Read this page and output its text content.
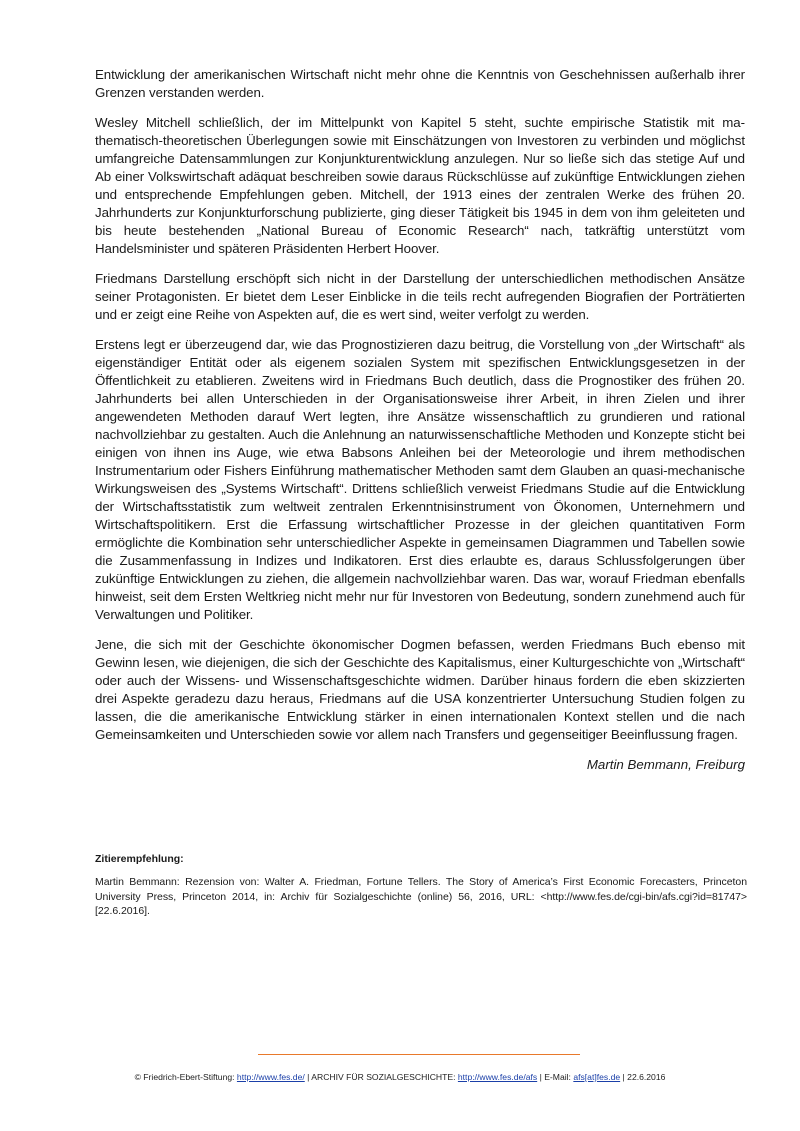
Entwicklung der amerikanischen Wirtschaft nicht mehr ohne die Kenntnis von Geschehnissen außerhalb ihrer Grenzen verstanden werden.

Wesley Mitchell schließlich, der im Mittelpunkt von Kapitel 5 steht, suchte empirische Statistik mit mathematisch-theoretischen Überlegungen sowie mit Einschätzungen von Investoren zu verbinden und möglichst umfangreiche Datensammlungen zur Konjunkturentwicklung anzulegen. Nur so ließe sich das stetige Auf und Ab einer Volkswirtschaft adäquat beschreiben sowie daraus Rückschlüsse auf zukünftige Entwicklungen ziehen und entsprechende Empfehlungen geben. Mitchell, der 1913 eines der zentralen Werke des frühen 20. Jahrhunderts zur Konjunkturforschung publizierte, ging dieser Tätigkeit bis 1945 in dem von ihm geleiteten und bis heute bestehenden „National Bureau of Economic Research“ nach, tatkräftig unterstützt vom Handelsminister und späteren Präsidenten Herbert Hoover.

Friedmans Darstellung erschöpft sich nicht in der Darstellung der unterschiedlichen methodischen Ansätze seiner Protagonisten. Er bietet dem Leser Einblicke in die teils recht aufregenden Biografien der Porträtierten und er zeigt eine Reihe von Aspekten auf, die es wert sind, weiter verfolgt zu werden.

Erstens legt er überzeugend dar, wie das Prognostizieren dazu beitrug, die Vorstellung von „der Wirtschaft“ als eigenständiger Entität oder als eigenem sozialen System mit spezifischen Entwicklungsgesetzen in der Öffentlichkeit zu etablieren. Zweitens wird in Friedmans Buch deutlich, dass die Prognostiker des frühen 20. Jahrhunderts bei allen Unterschieden in der Organisationsweise ihrer Arbeit, in ihren Zielen und ihrer angewendeten Methoden darauf Wert legten, ihre Ansätze wissenschaftlich zu grundieren und rational nachvollziehbar zu gestalten. Auch die Anlehnung an naturwissenschaftliche Methoden und Konzepte sticht bei einigen von ihnen ins Auge, wie etwa Babsons Anleihen bei der Meteorologie und ihrem methodischen Instrumentarium oder Fishers Einführung mathematischer Methoden samt dem Glauben an quasi-mechanische Wirkungsweisen des „Systems Wirtschaft“. Drittens schließlich verweist Friedmans Studie auf die Entwicklung der Wirtschaftsstatistik zum weltweit zentralen Erkenntnisinstrument von Ökonomen, Unternehmern und Wirtschaftspolitikern. Erst die Erfassung wirtschaftlicher Prozesse in der gleichen quantitativen Form ermöglichte die Kombination sehr unterschiedlicher Aspekte in gemeinsamen Diagrammen und Tabellen sowie die Zusammenfassung in Indizes und Indikatoren. Erst dies erlaubte es, daraus Schlussfolgerungen über zukünftige Entwicklungen zu ziehen, die allgemein nachvollziehbar waren. Das war, worauf Friedman ebenfalls hinweist, seit dem Ersten Weltkrieg nicht mehr nur für Investoren von Bedeutung, sondern zunehmend auch für Verwaltungen und Politiker.

Jene, die sich mit der Geschichte ökonomischer Dogmen befassen, werden Friedmans Buch ebenso mit Gewinn lesen, wie diejenigen, die sich der Geschichte des Kapitalismus, einer Kulturgeschichte von „Wirtschaft“ oder auch der Wissens- und Wissenschaftsgeschichte widmen. Darüber hinaus fordern die eben skizzierten drei Aspekte geradezu dazu heraus, Friedmans auf die USA konzentrierter Untersuchung Studien folgen zu lassen, die die amerikanische Entwicklung stärker in einen internationalen Kontext stellen und die nach Gemeinsamkeiten und Unterschieden sowie vor allem nach Transfers und gegenseitiger Beeinflussung fragen.

Martin Bemmann, Freiburg

Zitierempfehlung:

Martin Bemmann: Rezension von: Walter A. Friedman, Fortune Tellers. The Story of America’s First Economic Forecasters, Princeton University Press, Princeton 2014, in: Archiv für Sozialgeschichte (online) 56, 2016, URL: <http://www.fes.de/cgi-bin/afs.cgi?id=81747> [22.6.2016].

© Friedrich-Ebert-Stiftung: http://www.fes.de/ | ARCHIV FÜR SOZIALGESCHICHTE: http://www.fes.de/afs | E-Mail: afs[at]fes.de | 22.6.2016
